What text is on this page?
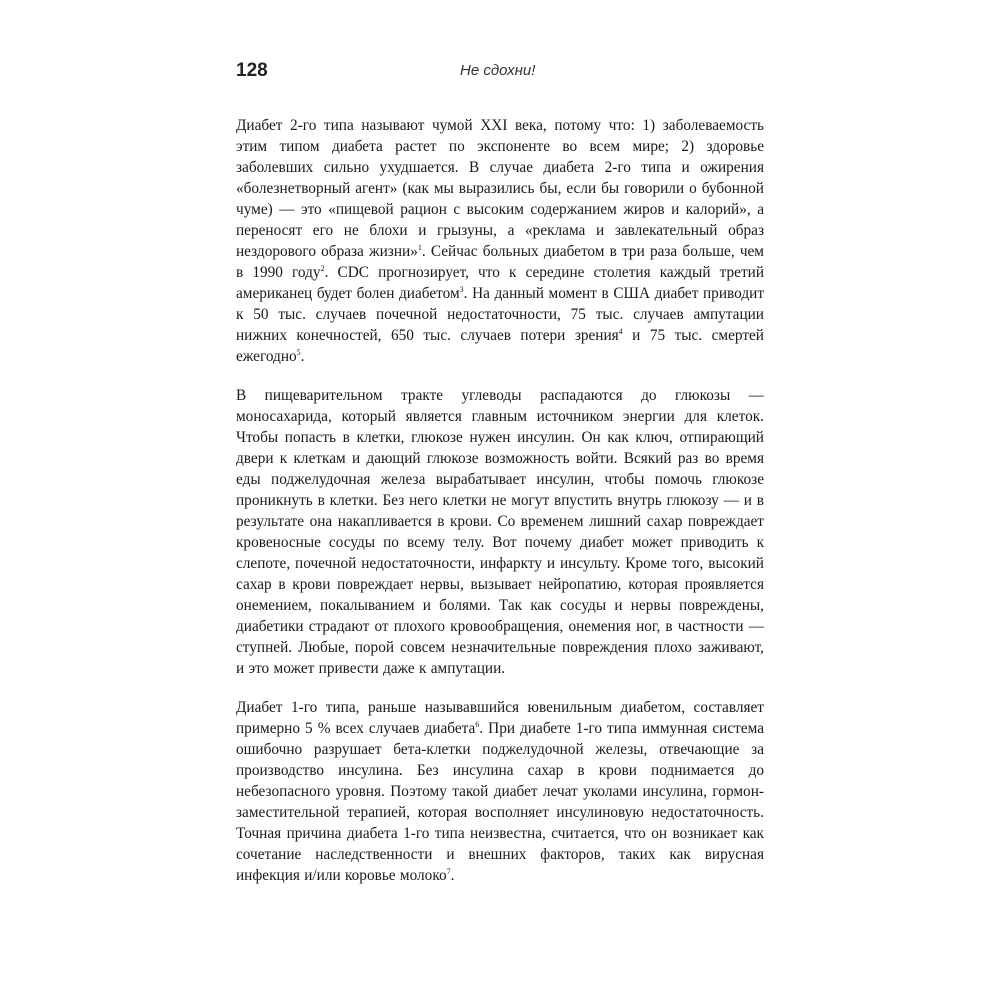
128	Не сдохни!

Диабет 2-го типа называют чумой XXI века, потому что: 1) заболеваемость этим типом диабета растет по экспоненте во всем мире; 2) здоровье заболевших сильно ухудшается. В случае диабета 2-го типа и ожирения «болезнетворный агент» (как мы выразились бы, если бы говорили о бубонной чуме) — это «пищевой рацион с высоким содержанием жиров и калорий», а переносят его не блохи и грызуны, а «реклама и завлекательный образ нездорового образа жизни»$^1$. Сейчас больных диабетом в три раза больше, чем в 1990 году$^2$. CDC прогнозирует, что к середине столетия каждый третий американец будет болен диабетом$^3$. На данный момент в США диабет приводит к 50 тыс. случаев почечной недостаточности, 75 тыс. случаев ампутации нижних конечностей, 650 тыс. случаев потери зрения$^4$ и 75 тыс. смертей ежегодно$^5$.

В пищеварительном тракте углеводы распадаются до глюкозы — моносахарида, который является главным источником энергии для клеток. Чтобы попасть в клетки, глюкозе нужен инсулин. Он как ключ, отпирающий двери к клеткам и дающий глюкозе возможность войти. Всякий раз во время еды поджелудочная железа вырабатывает инсулин, чтобы помочь глюкозе проникнуть в клетки. Без него клетки не могут впустить внутрь глюкозу — и в результате она накапливается в крови. Со временем лишний сахар повреждает кровеносные сосуды по всему телу. Вот почему диабет может приводить к слепоте, почечной недостаточности, инфаркту и инсульту. Кроме того, высокий сахар в крови повреждает нервы, вызывает нейропатию, которая проявляется онемением, покалыванием и болями. Так как сосуды и нервы повреждены, диабетики страдают от плохого кровообращения, онемения ног, в частности — ступней. Любые, порой совсем незначительные повреждения плохо заживают, и это может привести даже к ампутации.

Диабет 1-го типа, раньше называвшийся ювенильным диабетом, составляет примерно 5 % всех случаев диабета$^6$. При диабете 1-го типа иммунная система ошибочно разрушает бета-клетки поджелудочной железы, отвечающие за производство инсулина. Без инсулина сахар в крови поднимается до небезопасного уровня. Поэтому такой диабет лечат уколами инсулина, гормон-заместительной терапией, которая восполняет инсулиновую недостаточность. Точная причина диабета 1-го типа неизвестна, считается, что он возникает как сочетание наследственности и внешних факторов, таких как вирусная инфекция и/или коровье молоко$^7$.
